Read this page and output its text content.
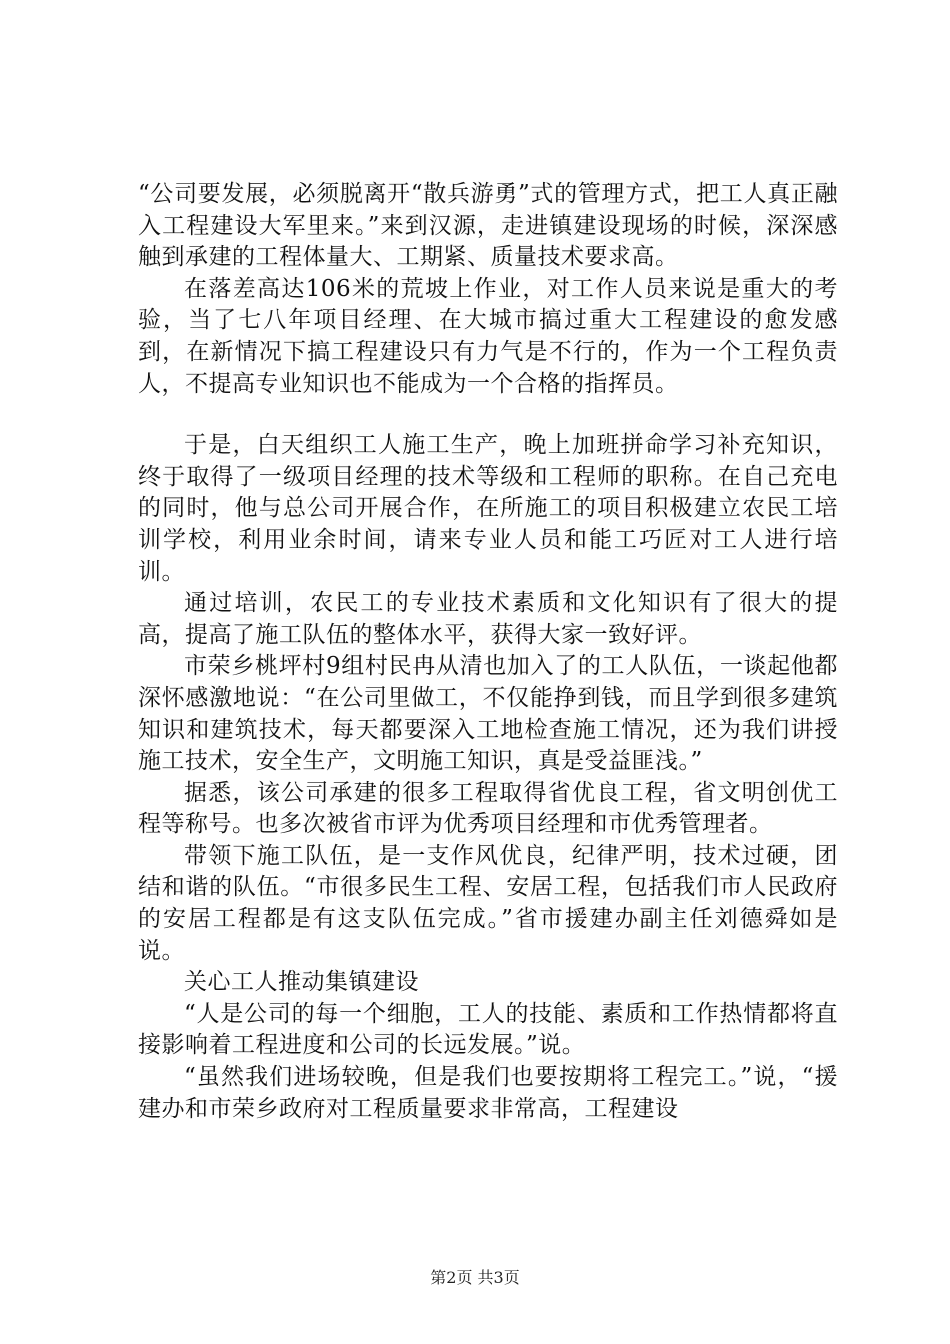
“公司要发展，必须脱离开“散兵游勇”式的管理方式，把工人真正融入工程建设大军里来。”来到汉源，走进镇建设现场的时候，深深感触到承建的工程体量大、工期紧、质量技术要求高。

在落差高达106米的荒坡上作业，对工作人员来说是重大的考验，当了七八年项目经理、在大城市搞过重大工程建设的愈发感到，在新情况下搞工程建设只有力气是不行的，作为一个工程负责人，不提高专业知识也不能成为一个合格的指挥员。

于是，白天组织工人施工生产，晚上加班拼命学习补充知识，终于取得了一级项目经理的技术等级和工程师的职称。在自己充电的同时，他与总公司开展合作，在所施工的项目积极建立农民工培训学校，利用业余时间，请来专业人员和能工巧匠对工人进行培训。

通过培训，农民工的专业技术素质和文化知识有了很大的提高，提高了施工队伍的整体水平，获得大家一致好评。

市荣乡桃坪村9组村民冉从清也加入了的工人队伍，一谈起他都深怀感激地说：“在公司里做工，不仅能挣到钱，而且学到很多建筑知识和建筑技术，每天都要深入工地检查施工情况，还为我们讲授施工技术，安全生产，文明施工知识，真是受益匪浅。”

据悉，该公司承建的很多工程取得省优良工程，省文明创优工程等称号。也多次被省市评为优秀项目经理和市优秀管理者。

带领下施工队伍，是一支作风优良，纪律严明，技术过硬，团结和谐的队伍。“市很多民生工程、安居工程，包括我们市人民政府的安居工程都是有这支队伍完成。”省市援建办副主任刘德舜如是说。

关心工人推动集镇建设

“人是公司的每一个细胞，工人的技能、素质和工作热情都将直接影响着工程进度和公司的长远发展。”说。

“虽然我们进场较晚，但是我们也要按期将工程完工。”说，“援建办和市荣乡政府对工程质量要求非常高，工程建设

第2页 共3页
